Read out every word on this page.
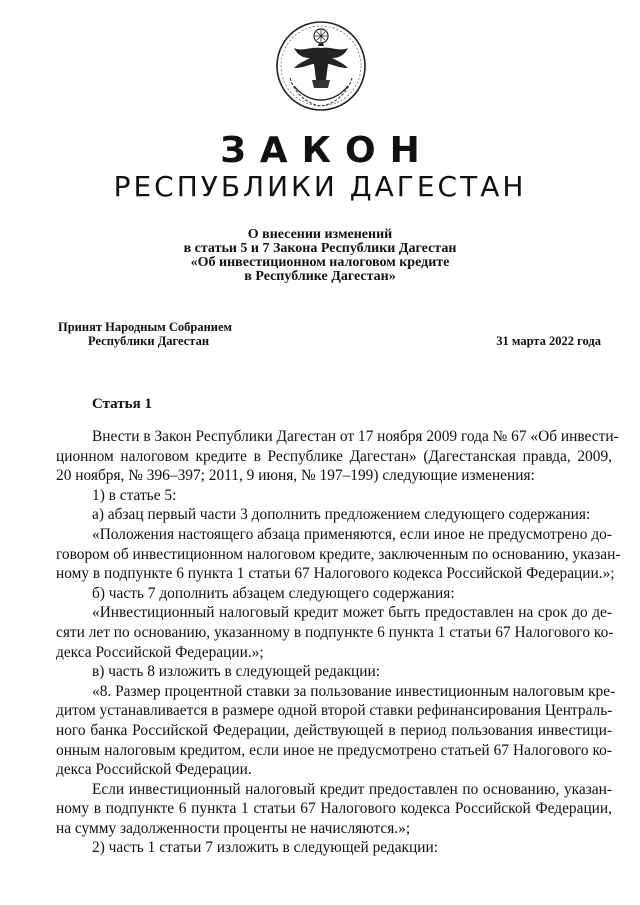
ЗАКОН
РЕСПУБЛИКИ ДАГЕСТАН
О внесении изменений
в статьи 5 и 7 Закона Республики Дагестан
«Об инвестиционном налоговом кредите
в Республике Дагестан»
Принят Народным Собранием
Республики Дагестан	31 марта 2022 года
Статья 1
Внести в Закон Республики Дагестан от 17 ноября 2009 года № 67 «Об инвести-
ционном налоговом кредите в Республике Дагестан» (Дагестанская правда, 2009,
20 ноября, № 396–397; 2011, 9 июня, № 197–199) следующие изменения:
1) в статье 5:
а) абзац первый части 3 дополнить предложением следующего содержания:
«Положения настоящего абзаца применяются, если иное не предусмотрено до-
говором об инвестиционном налоговом кредите, заключенным по основанию, указан-
ному в подпункте 6 пункта 1 статьи 67 Налогового кодекса Российской Федерации.»;
б) часть 7 дополнить абзацем следующего содержания:
«Инвестиционный налоговый кредит может быть предоставлен на срок до де-
сяти лет по основанию, указанному в подпункте 6 пункта 1 статьи 67 Налогового ко-
декса Российской Федерации.»;
в) часть 8 изложить в следующей редакции:
«8. Размер процентной ставки за пользование инвестиционным налоговым кре-
дитом устанавливается в размере одной второй ставки рефинансирования Централь-
ного банка Российской Федерации, действующей в период пользования инвестици-
онным налоговым кредитом, если иное не предусмотрено статьей 67 Налогового ко-
декса Российской Федерации.
Если инвестиционный налоговый кредит предоставлен по основанию, указан-
ному в подпункте 6 пункта 1 статьи 67 Налогового кодекса Российской Федерации,
на сумму задолженности проценты не начисляются.»;
2) часть 1 статьи 7 изложить в следующей редакции:
